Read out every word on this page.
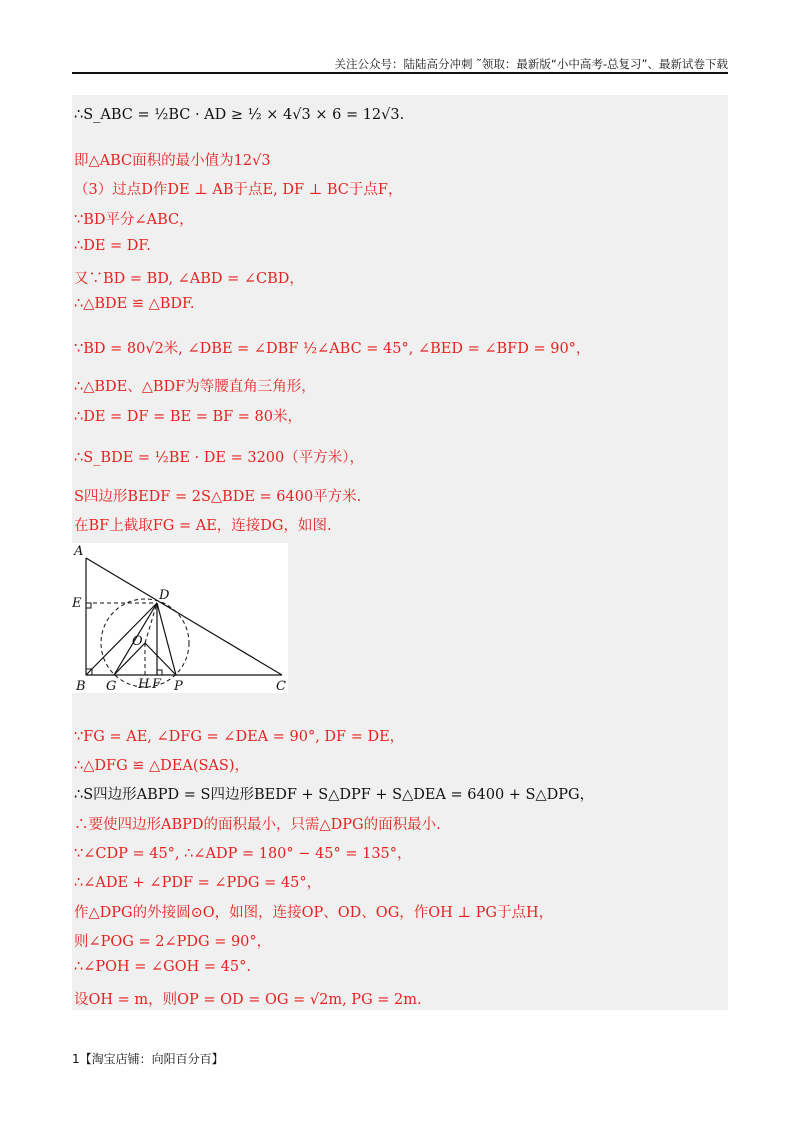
关注公众号：陆陆高分冲刺 ˜领取：最新版“小中高考-总复习”、最新试卷下载
∴S_ABC = ½BC · AD ≥ ½ × 4√3 × 6 = 12√3.
即△ABC面积的最小值为12√3
（3）过点D作DE ⊥ AB于点E, DF ⊥ BC于点F，
∵BD平分∠ABC，
∴DE = DF.
又∵BD = BD, ∠ABD = ∠CBD，
∴△BDE ≌ △BDF.
∵BD = 80√2米, ∠DBE = ∠DBF ½∠ABC = 45°, ∠BED = ∠BFD = 90°，
∴△BDE、△BDF为等腰直角三角形，
∴DE = DF = BE = BF = 80米，
∴S_BDE = ½BE · DE = 3200（平方米），
S四边形BEDF = 2S△BDE = 6400平方米.
在BF上截取FG = AE，连接DG，如图.
A
E
D
O
B G H F P	C
∵FG = AE, ∠DFG = ∠DEA = 90°, DF = DE，
∴△DFG ≌ △DEA(SAS)，
∴S四边形ABPD = S四边形BEDF + S△DPF + S△DEA = 6400 + S△DPG，
∴要使四边形ABPD的面积最小，只需△DPG的面积最小.
∵∠CDP = 45°, ∴∠ADP = 180° − 45° = 135°，
∴∠ADE + ∠PDF = ∠PDG = 45°，
作△DPG的外接圆⊙O，如图，连接OP、OD、OG，作OH ⊥ PG于点H，
则∠POG = 2∠PDG = 90°，
∴∠POH = ∠GOH = 45°.
设OH = m，则OP = OD = OG = √2m, PG = 2m.
1【淘宝店铺：向阳百分百】
